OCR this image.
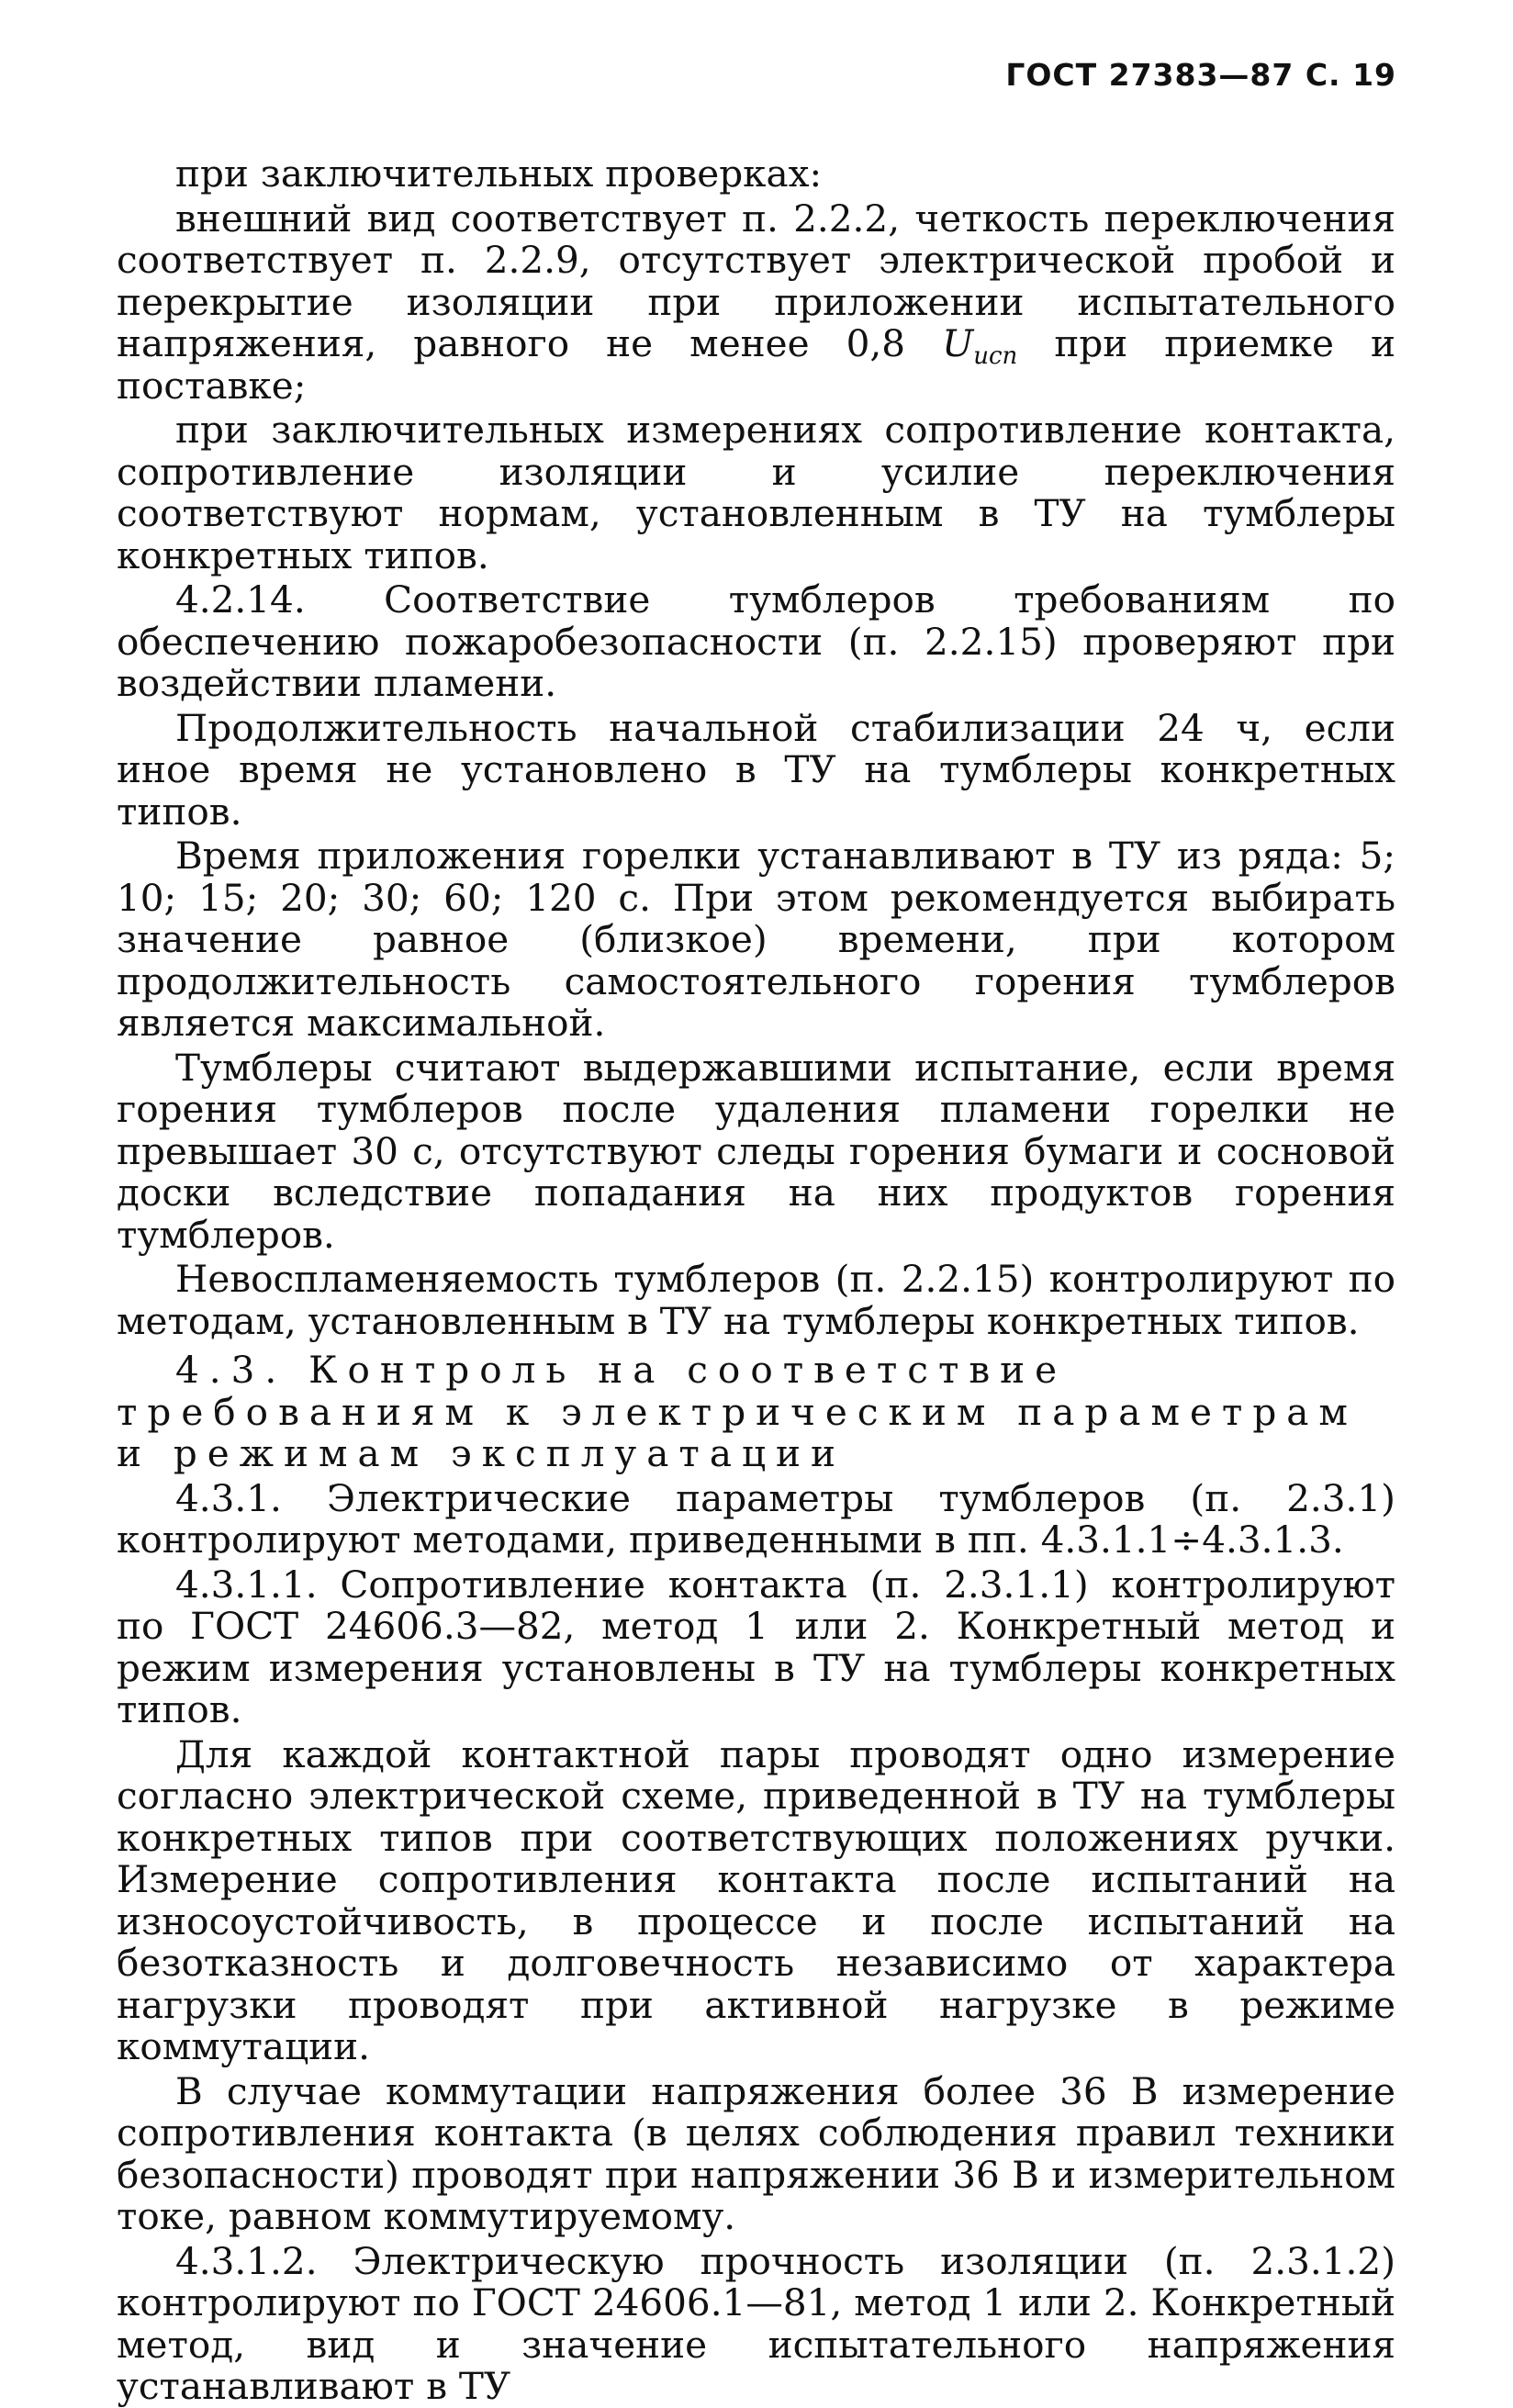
ГОСТ 27383—87 С. 19

при заключительных проверках:

внешний вид соответствует п. 2.2.2, четкость переключения соответствует п. 2.2.9, отсутствует электрической пробой и перекрытие изоляции при приложении испытательного напряжения, равного не менее 0,8 $U_{исп}$ при приемке и поставке;

при заключительных измерениях сопротивление контакта, сопротивление изоляции и усилие переключения соответствуют нормам, установленным в ТУ на тумблеры конкретных типов.

4.2.14. Соответствие тумблеров требованиям по обеспечению пожаробезопасности (п. 2.2.15) проверяют при воздействии пламени.

Продолжительность начальной стабилизации 24 ч, если иное время не установлено в ТУ на тумблеры конкретных типов.

Время приложения горелки устанавливают в ТУ из ряда: 5; 10; 15; 20; 30; 60; 120 с. При этом рекомендуется выбирать значение равное (близкое) времени, при котором продолжительность самостоятельного горения тумблеров является максимальной.

Тумблеры считают выдержавшими испытание, если время горения тумблеров после удаления пламени горелки не превышает 30 с, отсутствуют следы горения бумаги и сосновой доски вследствие попадания на них продуктов горения тумблеров.

Невоспламеняемость тумблеров (п. 2.2.15) контролируют по методам, установленным в ТУ на тумблеры конкретных типов.

4.3. Контроль на соответствие требованиям к электрическим параметрам и режимам эксплуатации

4.3.1. Электрические параметры тумблеров (п. 2.3.1) контролируют методами, приведенными в пп. 4.3.1.1÷4.3.1.3.

4.3.1.1. Сопротивление контакта (п. 2.3.1.1) контролируют по ГОСТ 24606.3—82, метод 1 или 2. Конкретный метод и режим измерения установлены в ТУ на тумблеры конкретных типов.

Для каждой контактной пары проводят одно измерение согласно электрической схеме, приведенной в ТУ на тумблеры конкретных типов при соответствующих положениях ручки. Измерение сопротивления контакта после испытаний на износоустойчивость, в процессе и после испытаний на безотказность и долговечность независимо от характера нагрузки проводят при активной нагрузке в режиме коммутации.

В случае коммутации напряжения более 36 В измерение сопротивления контакта (в целях соблюдения правил техники безопасности) проводят при напряжении 36 В и измерительном токе, равном коммутируемому.

4.3.1.2. Электрическую прочность изоляции (п. 2.3.1.2) контролируют по ГОСТ 24606.1—81, метод 1 или 2. Конкретный метод, вид и значение испытательного напряжения устанавливают в ТУ
